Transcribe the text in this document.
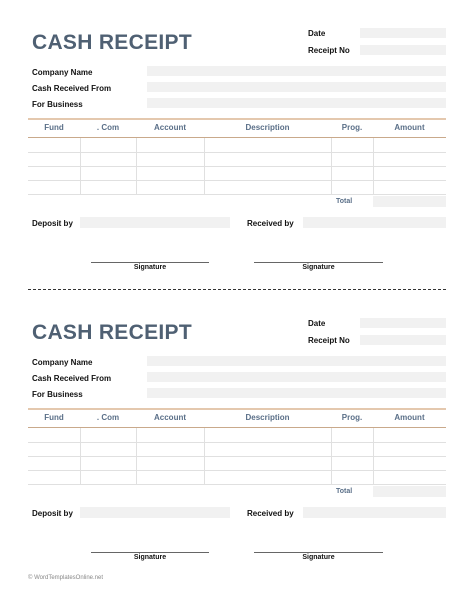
CASH RECEIPT	Date
Receipt No
Company Name
Cash Received From
For Business
Fund	. Com	Account	Description	Prog.	Amount
Total
Deposit by	Received by
Signature	Signature
CASH RECEIPT	Date
Receipt No
Company Name
Cash Received From
For Business
Fund	. Com	Account	Description	Prog.	Amount
Total
Deposit by	Received by
Signature	Signature
© WordTemplatesOnline.net
